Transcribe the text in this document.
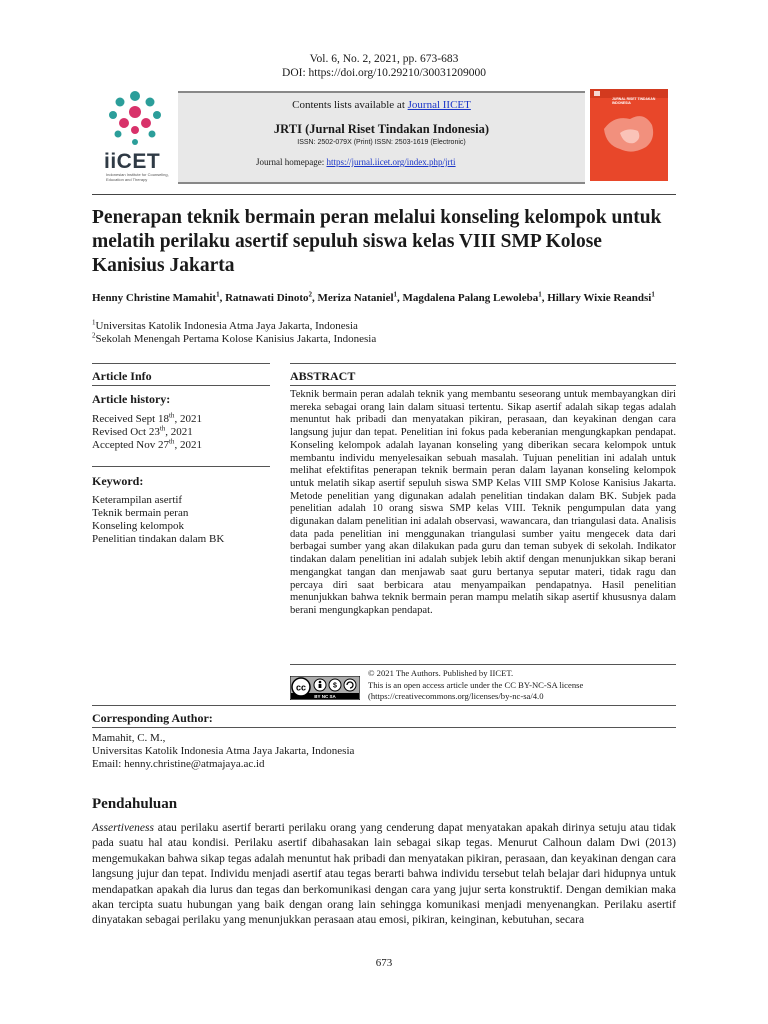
Vol. 6, No. 2, 2021, pp. 673-683
DOI: https://doi.org/10.29210/30031209000
iiCET
Indonesian Institute for Counseling, Education and Therapy
Contents lists available at Journal IICET
JRTI (Jurnal Riset Tindakan Indonesia)
ISSN: 2502-079X (Print) ISSN: 2503-1619 (Electronic)
Journal homepage: https://jurnal.iicet.org/index.php/jrti
JURNAL RISET TINDAKAN INDONESIA
Penerapan teknik bermain peran melalui konseling kelompok untuk melatih perilaku asertif sepuluh siswa kelas VIII SMP Kolose Kanisius Jakarta
Henny Christine Mamahit$^1$, Ratnawati Dinoto$^2$, Meriza Nataniel$^1$, Magdalena Palang Lewoleba$^1$, Hillary Wixie Reandsi$^1$
$^1$Universitas Katolik Indonesia Atma Jaya Jakarta, Indonesia
$^2$Sekolah Menengah Pertama Kolose Kanisius Jakarta, Indonesia
Article Info	ABSTRACT
Article history:
Received Sept 18th, 2021
Revised Oct 23th, 2021
Accepted Nov 27th, 2021
Keyword:
Keterampilan asertif
Teknik bermain peran
Konseling kelompok
Penelitian tindakan dalam BK
Teknik bermain peran adalah teknik yang membantu seseorang untuk membayangkan diri mereka sebagai orang lain dalam situasi tertentu. Sikap asertif adalah sikap tegas adalah menuntut hak pribadi dan menyatakan pikiran, perasaan, dan keyakinan dengan cara langsung jujur dan tepat. Penelitian ini fokus pada keberanian mengungkapkan pendapat. Konseling kelompok adalah layanan konseling yang diberikan secara kelompok untuk membantu individu menyelesaikan sebuah masalah. Tujuan penelitian ini adalah untuk melihat efektifitas penerapan teknik bermain peran dalam layanan konseling kelompok untuk melatih sikap asertif sepuluh siswa SMP Kelas VIII SMP Kolose Kanisius Jakarta. Metode penelitian yang digunakan adalah penelitian tindakan dalam BK. Subjek pada penelitian adalah 10 orang siswa SMP kelas VIII. Teknik pengumpulan data yang digunakan dalam penelitian ini adalah observasi, wawancara, dan triangulasi data. Analisis data pada penelitian ini menggunakan triangulasi sumber yaitu mengecek data dari berbagai sumber yang akan dilakukan pada guru dan teman subyek di sekolah. Indikator tindakan dalam penelitian ini adalah subjek lebih aktif dengan menunjukkan sikap berani mengangkat tangan dan menjawab saat guru bertanya seputar materi, tidak ragu dan percaya diri saat berbicara atau menyampaikan pendapatnya. Hasil penelitian menunjukkan bahwa teknik bermain peran mampu melatih sikap asertif khususnya dalam berani mengungkapkan pendapat.
cc	$
BY NC SA
© 2021 The Authors. Published by IICET.
This is an open access article under the CC BY-NC-SA license
(https://creativecommons.org/licenses/by-nc-sa/4.0
Corresponding Author:
Mamahit, C. M.,
Universitas Katolik Indonesia Atma Jaya Jakarta, Indonesia
Email: henny.christine@atmajaya.ac.id
Pendahuluan
Assertiveness atau perilaku asertif berarti perilaku orang yang cenderung dapat menyatakan apakah dirinya setuju atau tidak pada suatu hal atau kondisi. Perilaku asertif dibahasakan lain sebagai sikap tegas. Menurut Calhoun dalam Dwi (2013) mengemukakan bahwa sikap tegas adalah menuntut hak pribadi dan menyatakan pikiran, perasaan, dan keyakinan dengan cara langsung jujur dan tepat. Individu menjadi asertif atau tegas berarti bahwa individu tersebut telah belajar dari hidupnya untuk mendapatkan apakah dia lurus dan tegas dan berkomunikasi dengan cara yang jujur serta konstruktif. Dengan demikian maka akan tercipta suatu hubungan yang baik dengan orang lain sehingga komunikasi menjadi menyenangkan. Perilaku asertif dinyatakan sebagai perilaku yang menunjukkan perasaan atau emosi, pikiran, keinginan, kebutuhan, secara
673
